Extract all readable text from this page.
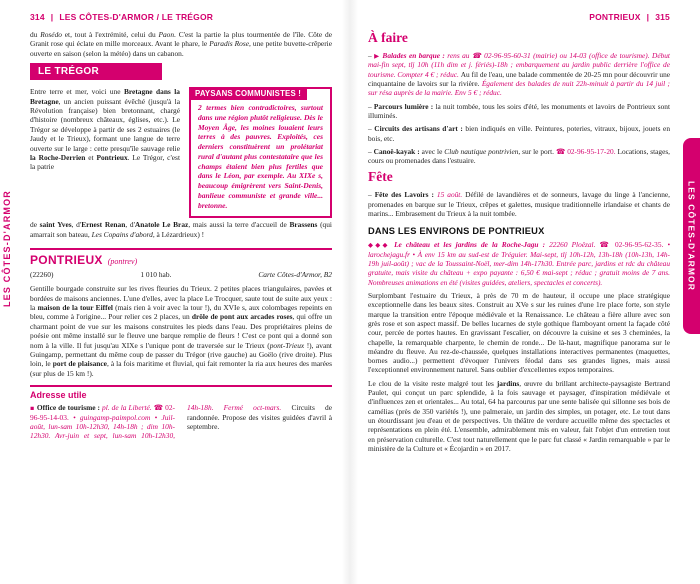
314 | LES CÔTES-D'ARMOR / LE TRÉGOR

du Rosédo et, tout à l'extrémité, celui du Paon. C'est la partie la plus tourmentée de l'île. Côte de Granit rose qui éclate en mille morceaux. Avant le phare, le Paradis Rose, une petite buvette-crêperie ouverte en saison (selon la météo) dans un cabanon.

LE TRÉGOR

Entre terre et mer, voici une Bretagne dans la Bretagne, un ancien puissant évêché (jusqu'à la Révolution française) bien bretonnant, chargé d'histoire (nombreux châteaux, églises, etc.). Le Trégor se développe à partir de ses 2 estuaires (le Jaudy et le Trieux), formant une langue de terre ouverte sur le large : cette presqu'île sauvage relie la Roche-Derrien et Pontrieux. Le Trégor, c'est la patrie

PAYSANS COMMUNISTES !

2 termes bien contradictoires, surtout dans une région plutôt religieuse. Dès le Moyen Âge, les moines louaient leurs terres à des pauvres. Exploités, ces derniers constituèrent un prolétariat rural d'autant plus contestataire que les champs étaient bien plus fertiles que dans le Léon, par exemple. Au XIXe s, beaucoup émigrèrent vers Saint-Denis, banlieue communiste et grande ville... bretonne.

de saint Yves, d'Ernest Renan, d'Anatole Le Braz, mais aussi la terre d'accueil de Brassens (qui amarrait son bateau, Les Copains d'abord, à Lézardrieux) !

PONTRIEUX (pontrev)
(22260)	1 010 hab.	Carte Côtes-d'Armor, B2

Gentille bourgade construite sur les rives fleuries du Trieux. 2 petites places triangulaires, pavées et bordées de maisons anciennes. L'une d'elles, avec la place Le Trocquer, saute tout de suite aux yeux : la maison de la tour Eiffel (mais rien à voir avec la tour !), du XVIe s, aux colombages repeints en bleu, comme à l'origine... Pour relier ces 2 places, un drôle de pont aux arcades roses, qui offre un charmant point de vue sur les maisons construites les pieds dans l'eau. Des propriétaires pleins de poésie ont même installé sur le fleuve une barque remplie de fleurs ! C'est ce pont qui a donné son nom à la ville. Il fut jusqu'au XIXe s l'unique pont de traversée sur le Trieux (pont-Trieux !), avant Guingamp, permettant du même coup de passer du Trégor (rive gauche) au Goëlo (rive droite). Plus loin, le port de plaisance, à la fois maritime et fluvial, qui fait remonter la ria aux heures des marées (sur plus de 15 km !).

Adresse utile

▪ Office de tourisme : pl. de la Liberté. ☎ 02-96-95-14-03. • guingamp-paimpol.com • Juil-août, lun-sam 10h-12h30, 14h-18h ; dim 10h-12h30. Avr-juin et sept, lun-sam 10h-12h30, 14h-18h. Fermé oct-mars. Circuits de randonnée. Propose des visites guidées d'avril à septembre.

PONTRIEUX | 315
À faire

– ▶ Balades en barque : rens au ☎ 02-96-95-60-31 (mairie) ou 14-03 (office de tourisme). Début mai-fin sept, tlj 10h (11h dim et j. fériés)-18h ; embarquement au jardin public derrière l'office de tourisme. Compter 4 € ; réduc. Au fil de l'eau, une balade commentée de 20-25 mn pour découvrir une cinquantaine de lavoirs sur la rivière. Également des balades de nuit 22h-minuit à partir du 14 juil ; sur résa auprès de la mairie. Env 5 € ; réduc.

– Parcours lumière : la nuit tombée, tous les soirs d'été, les monuments et lavoirs de Pontrieux sont illuminés.

– Circuits des artisans d'art : bien indiqués en ville. Peintures, poteries, vitraux, bijoux, jouets en bois, etc.

– Canoë-kayak : avec le Club nautique pontrivien, sur le port. ☎ 02-96-95-17-20. Locations, stages, cours ou promenades dans l'estuaire.

Fête

– Fête des Lavoirs : 15 août. Défilé de lavandières et de sonneurs, lavage du linge à l'ancienne, promenades en barque sur le Trieux, crêpes et galettes, musique traditionnelle irlandaise et chants de marins... Embrasement du Trieux à la nuit tombée.

DANS LES ENVIRONS DE PONTRIEUX

◆◆◆ Le château et les jardins de la Roche-Jagu : 22260 Ploëzal. ☎ 02-96-95-62-35. • larochejagu.fr • À env 15 km au sud-est de Tréguier. Mai-sept, tlj 10h-12h, 13h-18h (10h-13h, 14h-19h juil-août) ; vac de la Toussaint-Noël, mer-dim 14h-17h30. Entrée parc, jardins et rdc du château gratuite, mais visite du château + expo payante : 6,50 € mai-sept ; réduc ; gratuit moins de 7 ans. Nombreuses animations en été (visites guidées, ateliers, spectacles et concerts).

Surplombant l'estuaire du Trieux, à près de 70 m de hauteur, il occupe une place stratégique exceptionnelle dans les beaux sites. Construit au XVe s sur les ruines d'une 1re place forte, son style marque la transition entre l'époque médiévale et la Renaissance. Le château a fière allure avec son grès rose et son aspect massif. De belles lucarnes de style gothique flamboyant ornent la façade côté cour, percée de portes hautes. En gravissant l'escalier, on découvre la cuisine et ses 3 cheminées, la chapelle, la remarquable charpente, le chemin de ronde... De là-haut, magnifique panorama sur le méandre du fleuve. Au rez-de-chaussée, quelques installations interactives permanentes (maquettes, bornes audio...) permettent d'évoquer l'univers féodal dans ses grandes lignes, mais aussi l'exceptionnel environnement naturel. Sans oublier d'excellentes expos temporaires.

Le clou de la visite reste malgré tout les jardins, œuvre du brillant architecte-paysagiste Bertrand Paulet, qui conçut un parc splendide, à la fois sauvage et paysager, d'inspiration médiévale et d'influences zen et orientales... Au total, 64 ha parcourus par une sente balisée qui sillonne ses bois de camélias (près de 350 variétés !), une palmeraie, un jardin des simples, un potager, etc. Le tout dans un étourdissant jeu d'eau et de perspectives. Un théâtre de verdure accueille même des spectacles et représentations en plein été. L'ensemble, admirablement mis en valeur, fait l'objet d'un entretien tout en préservation culturelle. C'est tout naturellement que le parc fut classé « Jardin remarquable » par le ministère de la Culture et « Écojardin » en 2017.

LES CÔTES-D'ARMOR	LES CÔTES-D'ARMOR
